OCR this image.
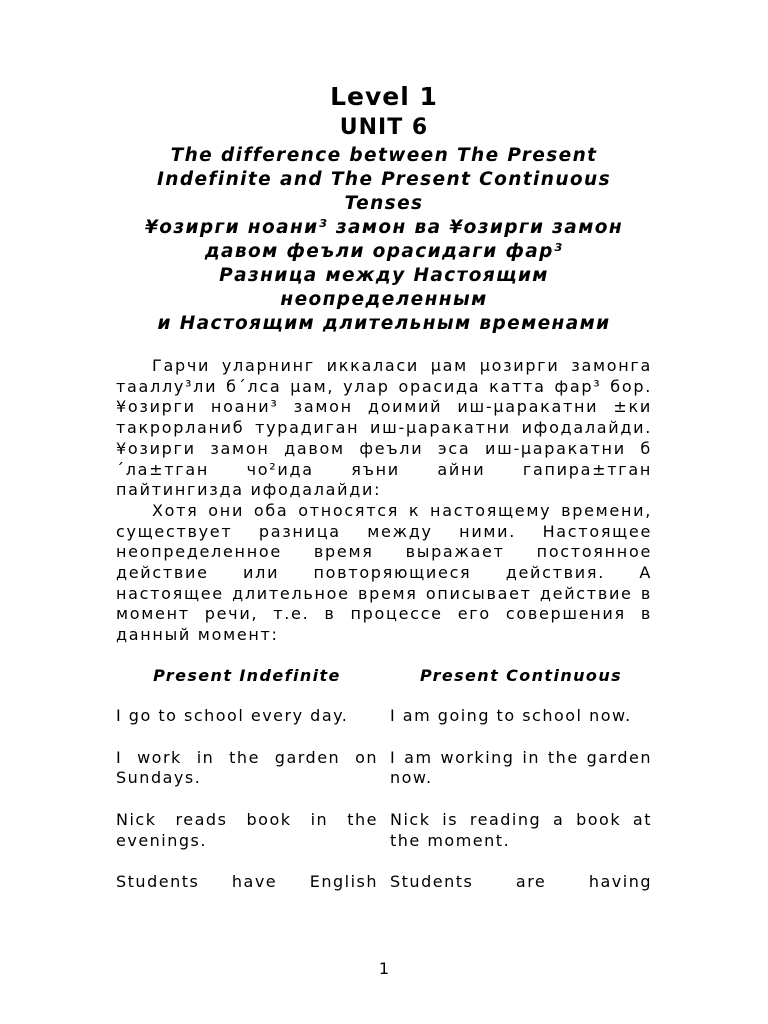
Level 1
UNIT 6

The difference between The Present Indefinite and The Present Continuous Tenses

¥озирги ноани³ замон ва ¥озирги замон давом феъли орасидаги фар³

Разница между Настоящим неопределенным

и Настоящим длительным временами

Гарчи уларнинг иккаласи µам µозирги замонга тааллу³ли б´лса µам, улар орасида катта фар³ бор. ¥озирги ноани³ замон доимий иш-µаракатни ±ки такрорланиб турадиган иш-µаракатни ифодалайди. ¥озирги замон давом феъли эса иш-µаракатни б´ла±тган чо²ида яъни айни гапира±тган пайтингизда ифодалайди:

Хотя они оба относятся к настоящему времени, существует разница между ними. Настоящее неопределенное время выражает постоянное действие или повторяющиеся действия. А настоящее длительное время описывает действие в момент речи, т.е. в процессе его совершения в данный момент:

Present Indefinite	Present Continuous
I go to school every day.	I am going to school now.
I work in the garden on Sundays.
I am working in the garden now.
Nick reads book in the evenings.
Nick is reading a book at the moment.
Students have English Students are having
1
